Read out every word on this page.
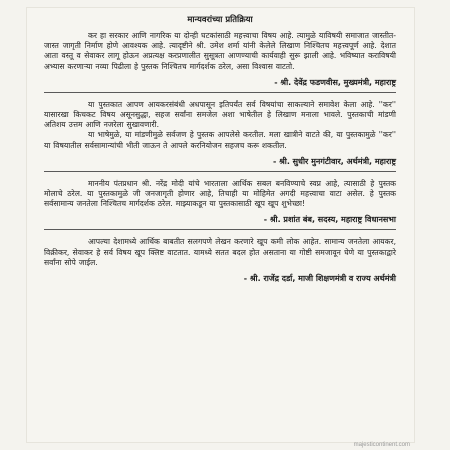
मान्यवरांच्या प्रतिक्रिया

कर हा सरकार आणि नागरिक या दोन्ही घटकांसाठी महत्त्वाचा विषय आहे. त्यामुळे याविषयी समाजात जास्तीत-जास्त जागृती निर्माण होणे आवश्यक आहे. त्यादृष्टीने श्री. उमेश शर्मा यांनी केलेले लिखाण निश्चितच महत्त्वपूर्ण आहे. देशात आता वस्तू व सेवाकर लागू होऊन अप्रत्यक्ष करप्रणालीत सुसूत्रता आणण्याची कार्यवाही सुरू झाली आहे. भविष्यात कराविषयी अभ्यास करणाऱ्या नव्या पिढीला हे पुस्तक निश्चितच मार्गदर्शक ठरेल, असा विश्वास वाटतो.

- श्री. देवेंद्र फडणवीस, मुख्यमंत्री, महाराष्ट्र

या पुस्तकात आपण आयकरसंबंधी अधपासून इतिपर्यंत सर्व विषयांचा साकल्याने समावेश केला आहे. ''कर'' यासारखा किचकट विषय असूनसुद्धा, सहज सर्वांना समजेल अशा भाषेतील हे लिखाण मनाला भावले. पुस्तकाची मांडणी अतिशय उत्तम आणि नजरेला सुखावणारी.

या भाषेमुळे, या मांडणीमुळे सर्वजण हे पुस्तक आपलेसे करतील. मला खात्रीने वाटते की, या पुस्तकामुळे ''कर'' या विषयातील सर्वसामान्यांची भीती जाऊन ते आपले करनियोजन सहजच करू शकतील.

- श्री. सुधीर मुनगंटीवार, अर्थमंत्री, महाराष्ट्र

माननीय पंतप्रधान श्री. नरेंद्र मोदी यांचे भारताला आर्थिक सबल बनविण्याचे स्वप्न आहे, त्यासाठी हे पुस्तक मोलाचे ठरेल. या पुस्तकामुळे जी जनजागृती होणार आहे, तिचाही या मोहिमेत अगदी महत्त्वाचा वाटा असेल. हे पुस्तक सर्वसामान्य जनतेला निश्चितच मार्गदर्शक ठरेल. माझ्याकडून या पुस्तकासाठी खूप खूप शुभेच्छा!

- श्री. प्रशांत बंब, सदस्य, महाराष्ट्र विधानसभा

आपल्या देशामध्ये आर्थिक बाबतीत सलगपणे लेखन करणारे खूप कमी लोक आहेत. सामान्य जनतेला आयकर, विक्रीकर, सेवाकर हे सर्व विषय खूप क्लिष्ट वाटतात. यामध्ये सतत बदल होत असताना या गोष्टी समजावून घेणे या पुस्तकाद्वारे सर्वांना सोपे जाईल.

- श्री. राजेंद्र दर्डा, माजी शिक्षणमंत्री व राज्य अर्थमंत्री
majesticontinent.com
